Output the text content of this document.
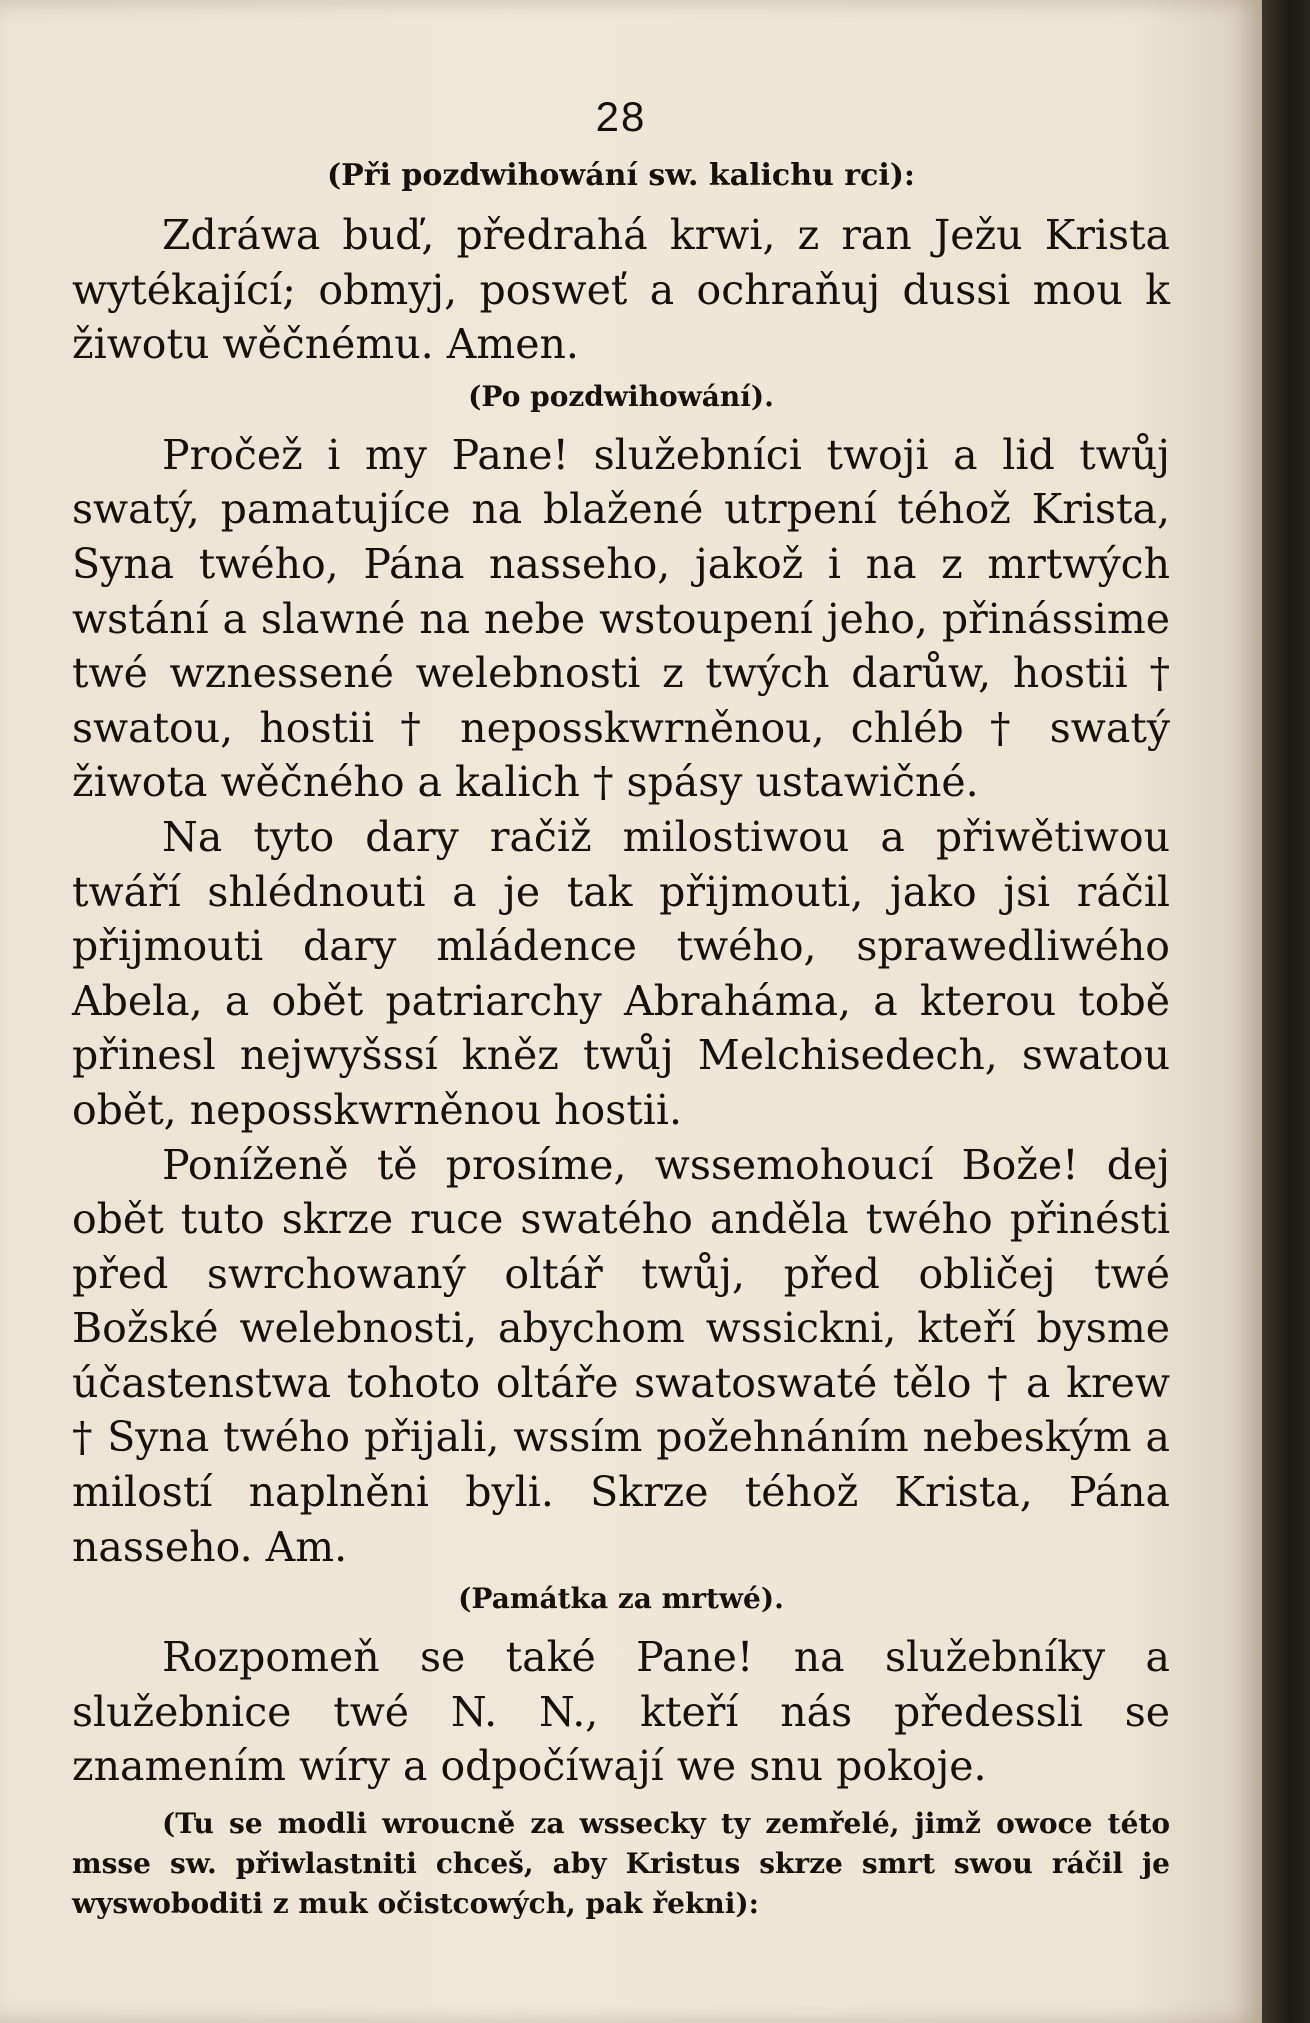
28
(Při pozdwihowání sw. kalichu rci):

Zdráwa buď, předrahá krwi, z ran Ježu Krista wytékající; obmyj, posweť a ochraňuj dussi mou k žiwotu wěčnému. Amen.

(Po pozdwihowání).

Pročež i my Pane! služebníci twoji a lid twůj swatý, pamatujíce na blažené utrpení téhož Krista, Syna twého, Pána nasseho, jakož i na z mrtwých wstání a slawné na nebe wstoupení jeho, přinássime twé wznessené welebnosti z twých darůw, hostii † swatou, hostii † neposskwrněnou, chléb † swatý žiwota wěčného a kalich † spásy ustawičné.

Na tyto dary račiž milostiwou a přiwětiwou twáří shlédnouti a je tak přijmouti, jako jsi ráčil přijmouti dary mládence twého, sprawedliwého Abela, a obět patriarchy Abraháma, a kterou tobě přinesl nejwyšssí kněz twůj Melchisedech, swatou obět, neposskwrněnou hostii.

Poníženě tě prosíme, wssemohoucí Bože! dej obět tuto skrze ruce swatého anděla twého přinésti před swrchowaný oltář twůj, před obličej twé Božské welebnosti, abychom wssickni, kteří bysme účastenstwa tohoto oltáře swatoswaté tělo † a krew † Syna twého přijali, wssím požehnáním nebeským a milostí naplněni byli. Skrze téhož Krista, Pána nasseho. Am.

(Památka za mrtwé).

Rozpomeň se také Pane! na služebníky a služebnice twé N. N., kteří nás předessli se znamením wíry a odpočíwají we snu pokoje.

(Tu se modli wroucně za wssecky ty zemřelé, jimž owoce této msse sw. přiwlastniti chceš, aby Kristus skrze smrt swou ráčil je wyswoboditi z muk očistcowých, pak řekni):
